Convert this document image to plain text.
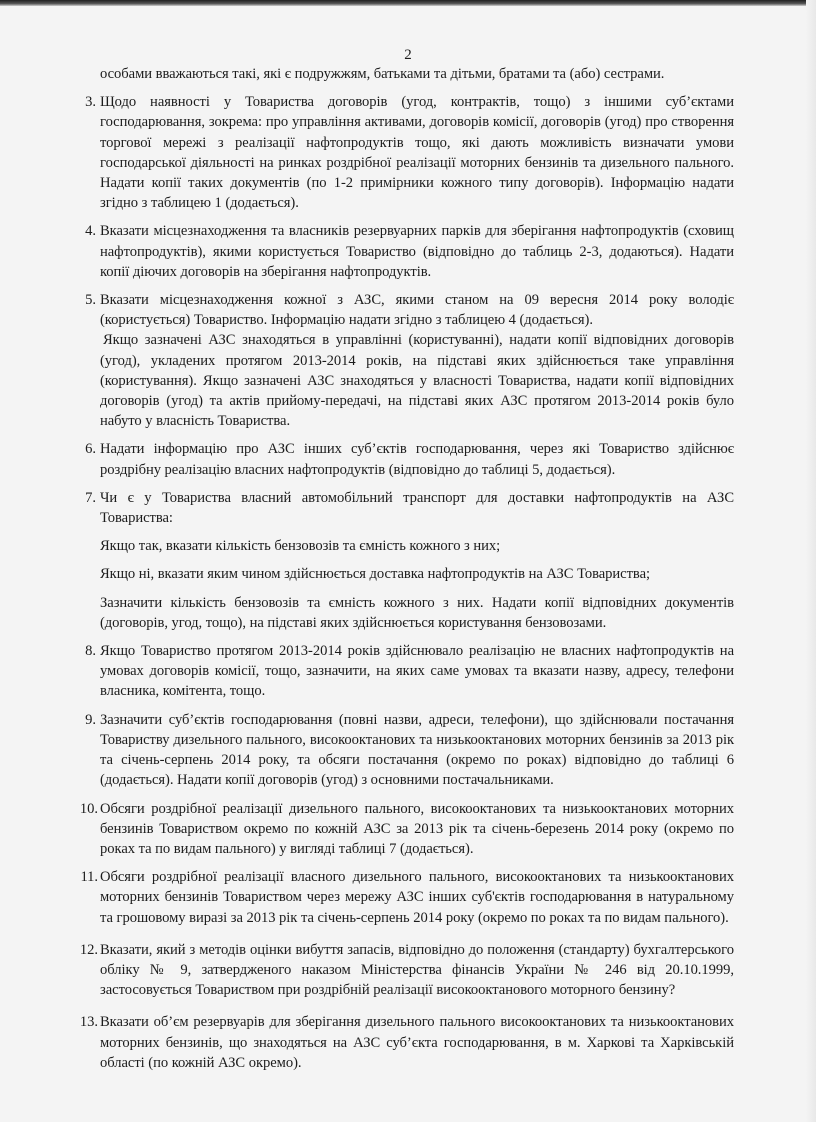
2

особами вважаються такі, які є подружжям, батьками та дітьми, братами та (або) сестрами.

3. Щодо наявності у Товариства договорів (угод, контрактів, тощо) з іншими суб’єктами господарювання, зокрема: про управління активами, договорів комісії, договорів (угод) про створення торгової мережі з реалізації нафтопродуктів тощо, які дають можливість визначати умови господарської діяльності на ринках роздрібної реалізації моторних бензинів та дизельного пального. Надати копії таких документів (по 1-2 примірники кожного типу договорів). Інформацію надати згідно з таблицею 1 (додається).

4. Вказати місцезнаходження та власників резервуарних парків для зберігання нафтопродуктів (сховищ нафтопродуктів), якими користується Товариство (відповідно до таблиць 2-3, додаються). Надати копії діючих договорів на зберігання нафтопродуктів.

5. Вказати місцезнаходження кожної з АЗС, якими станом на 09 вересня 2014 року володіє (користується) Товариство. Інформацію надати згідно з таблицею 4 (додається).

Якщо зазначені АЗС знаходяться в управлінні (користуванні), надати копії відповідних договорів (угод), укладених протягом 2013-2014 років, на підставі яких здійснюється таке управління (користування). Якщо зазначені АЗС знаходяться у власності Товариства, надати копії відповідних договорів (угод) та актів прийому-передачі, на підставі яких АЗС протягом 2013-2014 років було набуто у власність Товариства.

6. Надати інформацію про АЗС інших суб’єктів господарювання, через які Товариство здійснює роздрібну реалізацію власних нафтопродуктів (відповідно до таблиці 5, додається).

7. Чи є у Товариства власний автомобільний транспорт для доставки нафтопродуктів на АЗС Товариства:

Якщо так, вказати кількість бензовозів та ємність кожного з них;

Якщо ні, вказати яким чином здійснюється доставка нафтопродуктів на АЗС Товариства;

Зазначити кількість бензовозів та ємність кожного з них. Надати копії відповідних документів (договорів, угод, тощо), на підставі яких здійснюється користування бензовозами.

8. Якщо Товариство протягом 2013-2014 років здійснювало реалізацію не власних нафтопродуктів на умовах договорів комісії, тощо, зазначити, на яких саме умовах та вказати назву, адресу, телефони власника, комітента, тощо.

9. Зазначити суб’єктів господарювання (повні назви, адреси, телефони), що здійснювали постачання Товариству дизельного пального, високооктанових та низькооктанових моторних бензинів за 2013 рік та січень-серпень 2014 року, та обсяги постачання (окремо по роках) відповідно до таблиці 6 (додається). Надати копії договорів (угод) з основними постачальниками.

10. Обсяги роздрібної реалізації дизельного пального, високооктанових та низькооктанових моторних бензинів Товариством окремо по кожній АЗС за 2013 рік та січень-березень 2014 року (окремо по роках та по видам пального) у вигляді таблиці 7 (додається).

11. Обсяги роздрібної реалізації власного дизельного пального, високооктанових та низькооктанових моторних бензинів Товариством через мережу АЗС інших суб'єктів господарювання в натуральному та грошовому виразі за 2013 рік та січень-серпень 2014 року (окремо по роках та по видам пального).

12. Вказати, який з методів оцінки вибуття запасів, відповідно до положення (стандарту) бухгалтерського обліку № 9, затвердженого наказом Міністерства фінансів України № 246 від 20.10.1999, застосовується Товариством при роздрібній реалізації високооктанового моторного бензину?

13. Вказати об’єм резервуарів для зберігання дизельного пального високооктанових та низькооктанових моторних бензинів, що знаходяться на АЗС суб’єкта господарювання, в м. Харкові та Харківській області (по кожній АЗС окремо).
